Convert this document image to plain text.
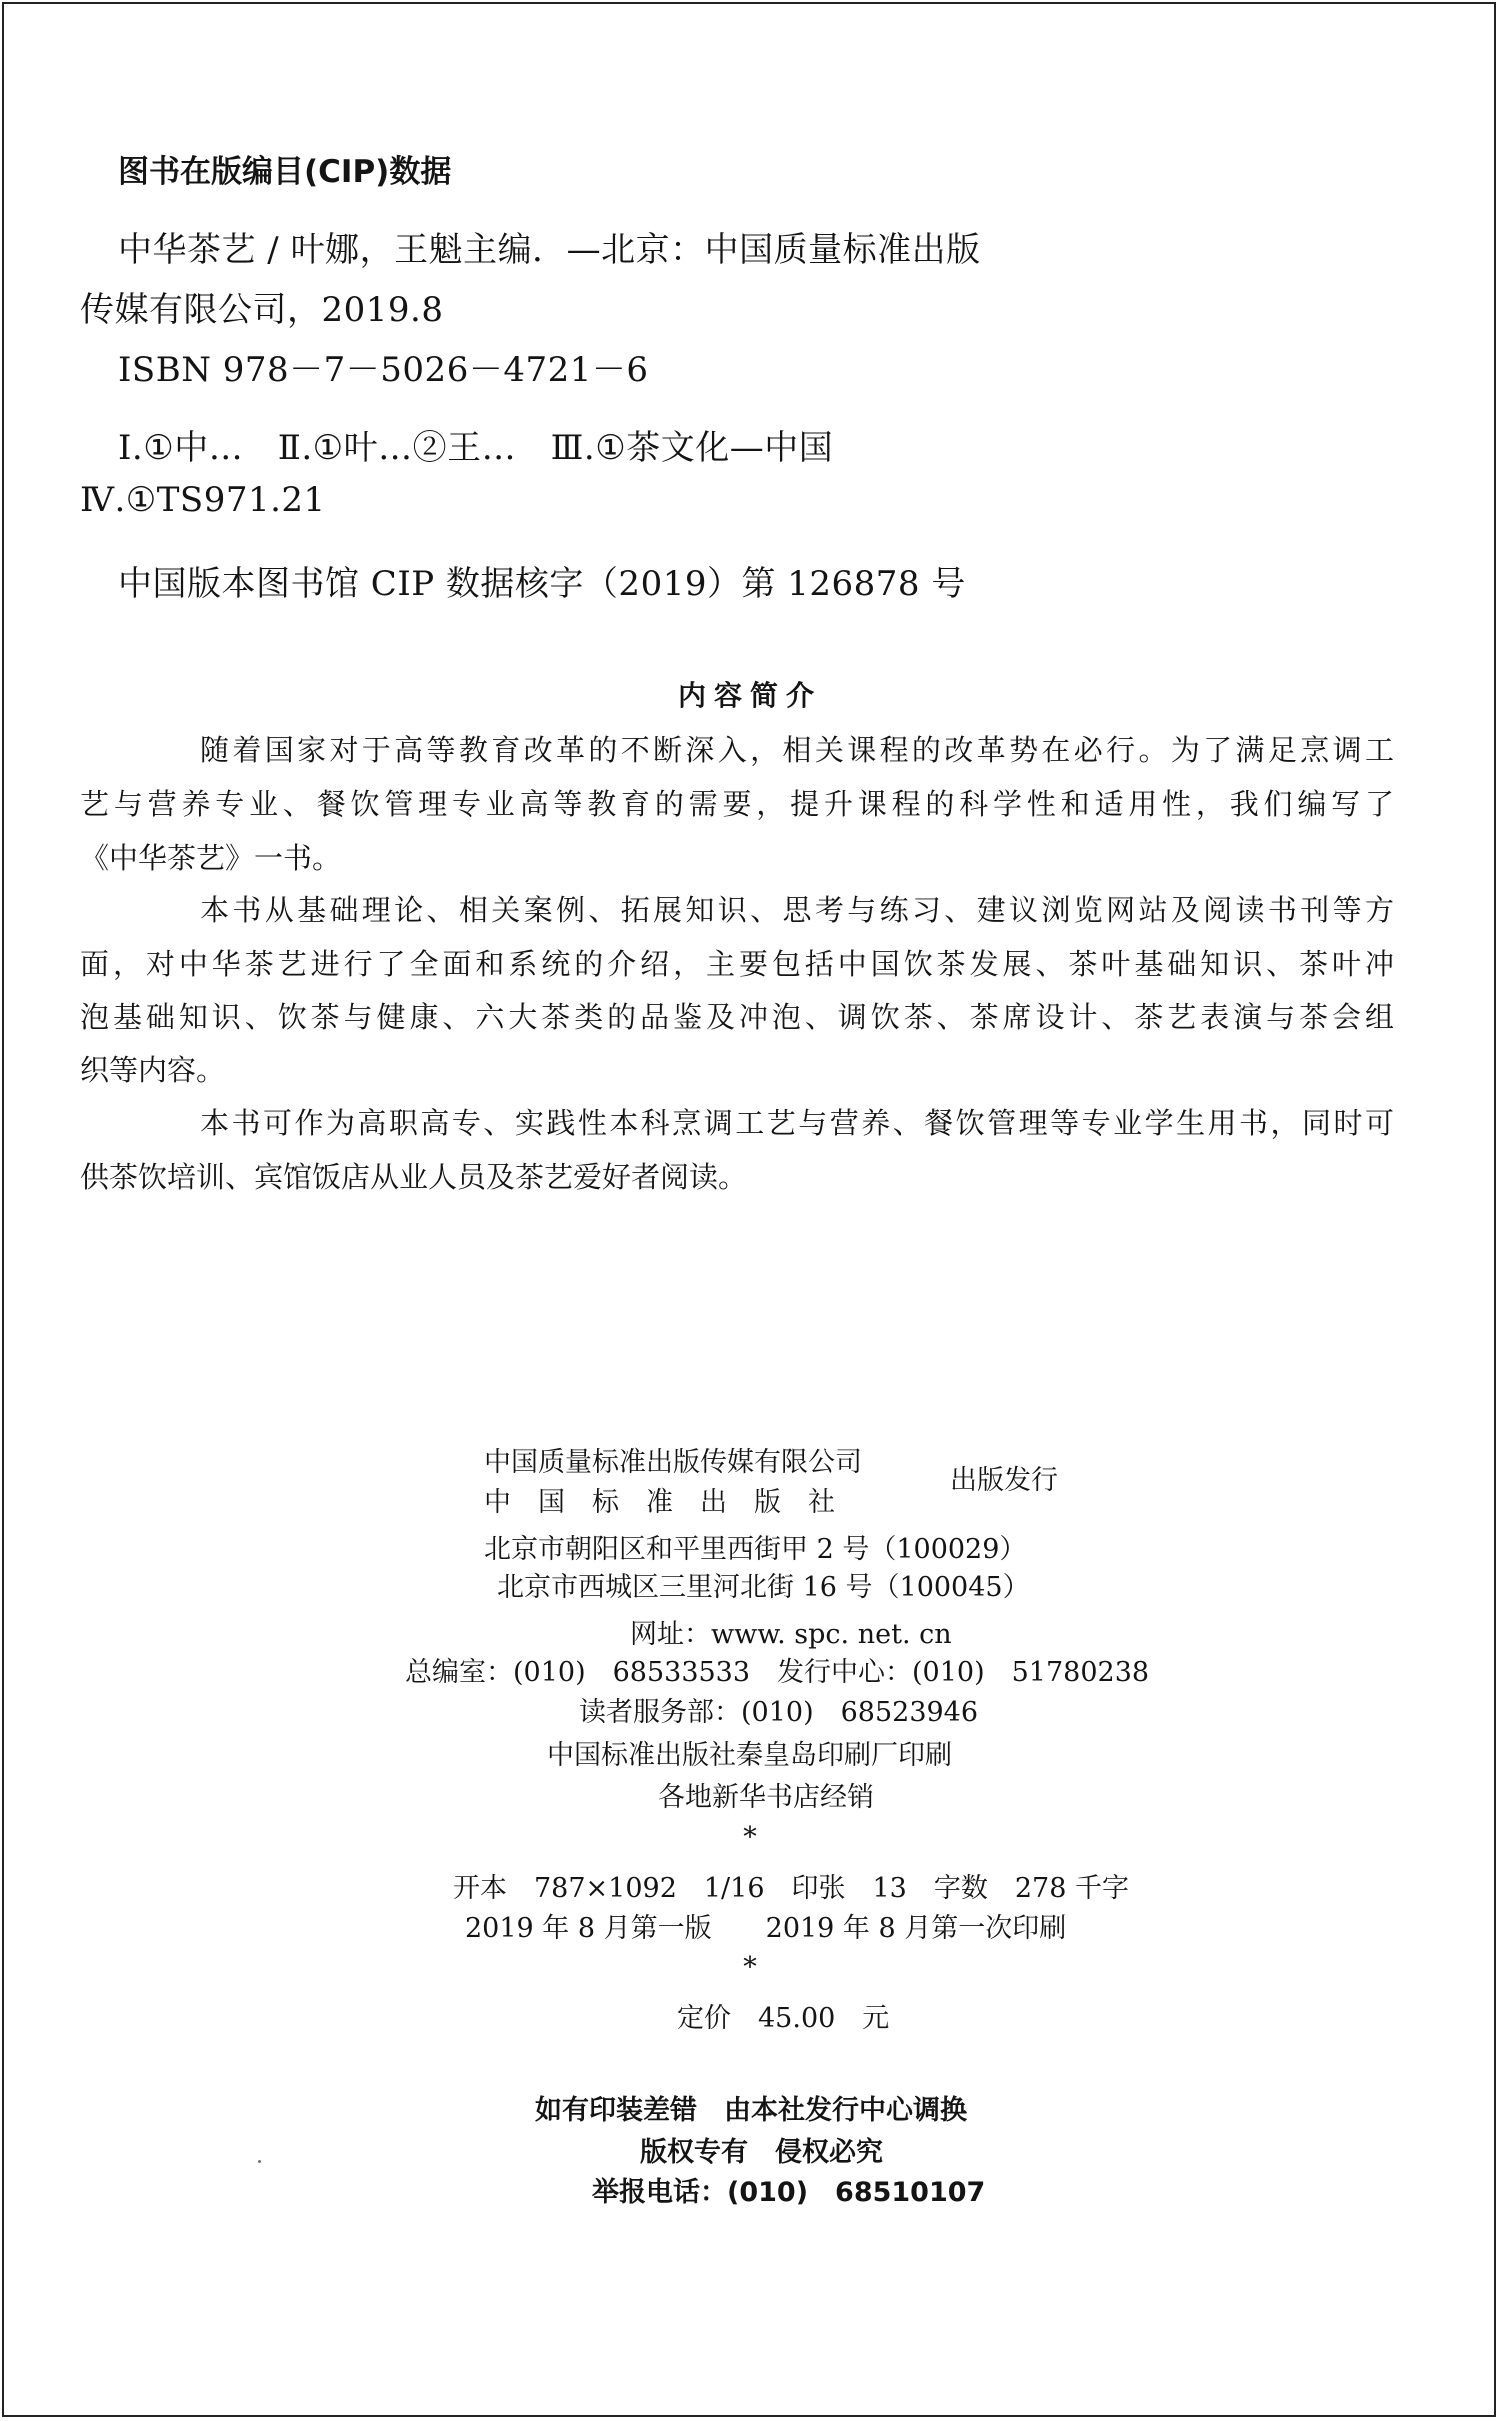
图书在版编目(CIP)数据
中华茶艺 / 叶娜，王魁主编．—北京：中国质量标准出版
传媒有限公司，2019.8
ISBN 978－7－5026－4721－6
Ⅰ.①中…　Ⅱ.①叶…②王…　Ⅲ.①茶文化—中国
Ⅳ.①TS971.21
中国版本图书馆 CIP 数据核字（2019）第 126878 号
内容简介
随着国家对于高等教育改革的不断深入，相关课程的改革势在必行。为了满足烹调工
艺与营养专业、餐饮管理专业高等教育的需要，提升课程的科学性和适用性，我们编写了
《中华茶艺》一书。
本书从基础理论、相关案例、拓展知识、思考与练习、建议浏览网站及阅读书刊等方
面，对中华茶艺进行了全面和系统的介绍，主要包括中国饮茶发展、茶叶基础知识、茶叶冲
泡基础知识、饮茶与健康、六大茶类的品鉴及冲泡、调饮茶、茶席设计、茶艺表演与茶会组
织等内容。
本书可作为高职高专、实践性本科烹调工艺与营养、餐饮管理等专业学生用书，同时可
供茶饮培训、宾馆饭店从业人员及茶艺爱好者阅读。
中国质量标准出版传媒有限公司
中　国　标　准　出　版　社
出版发行
北京市朝阳区和平里西街甲 2 号（100029）
北京市西城区三里河北街 16 号（100045）
网址：www. spc. net. cn
总编室：(010)　68533533　发行中心：(010)　51780238
读者服务部：(010)　68523946
中国标准出版社秦皇岛印刷厂印刷
各地新华书店经销
*
开本　787×1092　1/16　印张　13　字数　278 千字
2019 年 8 月第一版　　2019 年 8 月第一次印刷
*
定价　45.00　元
如有印装差错　由本社发行中心调换
版权专有　侵权必究
举报电话：(010)　68510107
